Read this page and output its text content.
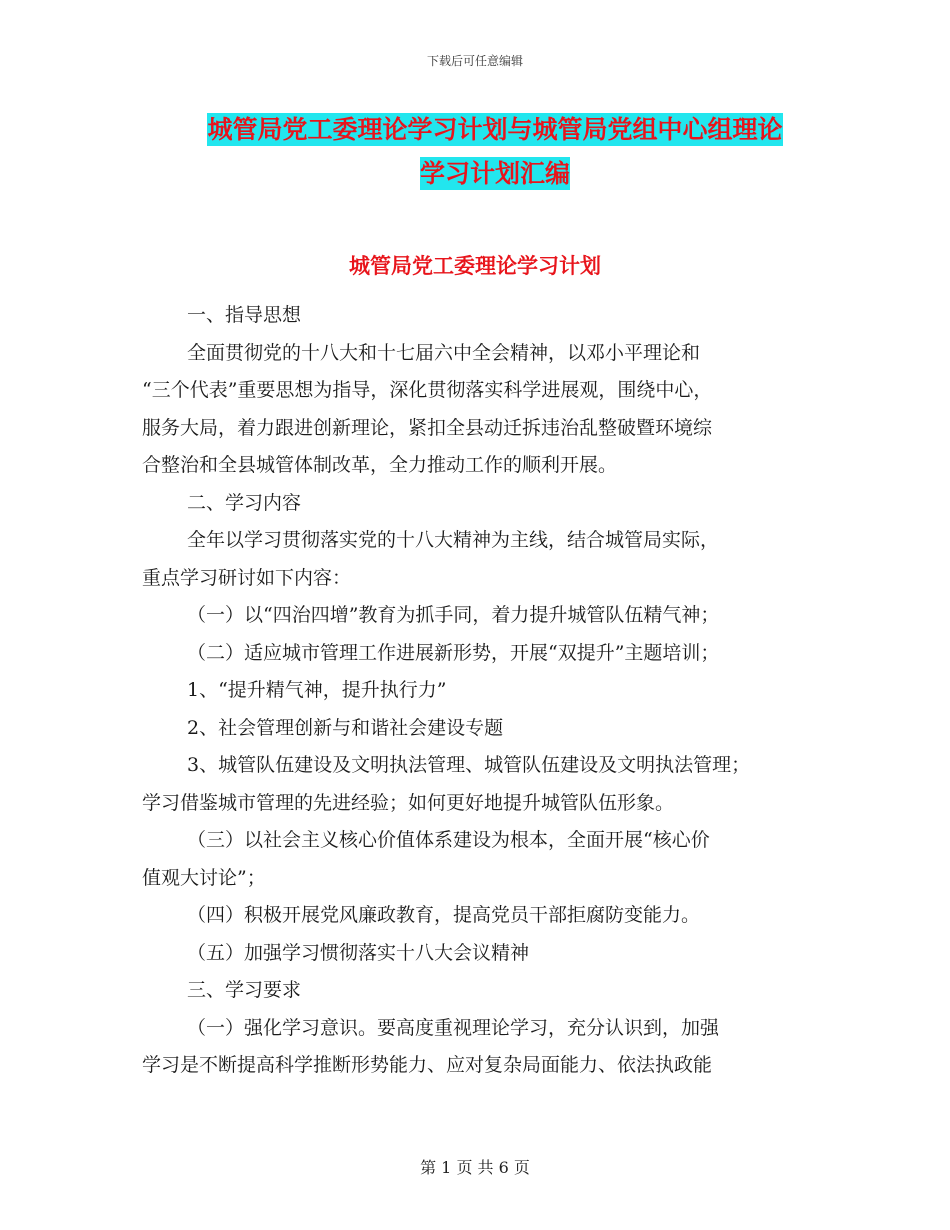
下载后可任意编辑
城管局党工委理论学习计划与城管局党组中心组理论
学习计划汇编
城管局党工委理论学习计划
一、指导思想
全面贯彻党的十八大和十七届六中全会精神，以邓小平理论和
“三个代表”重要思想为指导，深化贯彻落实科学进展观，围绕中心，
服务大局，着力跟进创新理论，紧扣全县动迁拆违治乱整破暨环境综
合整治和全县城管体制改革，全力推动工作的顺利开展。
二、学习内容
全年以学习贯彻落实党的十八大精神为主线，结合城管局实际，
重点学习研讨如下内容：
（一）以“四治四增”教育为抓手同，着力提升城管队伍精气神；
（二）适应城市管理工作进展新形势，开展“双提升”主题培训；
1、“提升精气神，提升执行力”
2、社会管理创新与和谐社会建设专题
3、城管队伍建设及文明执法管理、城管队伍建设及文明执法管理；
学习借鉴城市管理的先进经验；如何更好地提升城管队伍形象。
（三）以社会主义核心价值体系建设为根本，全面开展“核心价
值观大讨论”；
（四）积极开展党风廉政教育，提高党员干部拒腐防变能力。
（五）加强学习惯彻落实十八大会议精神
三、学习要求
（一）强化学习意识。要高度重视理论学习，充分认识到，加强
学习是不断提高科学推断形势能力、应对复杂局面能力、依法执政能
第 1 页 共 6 页
